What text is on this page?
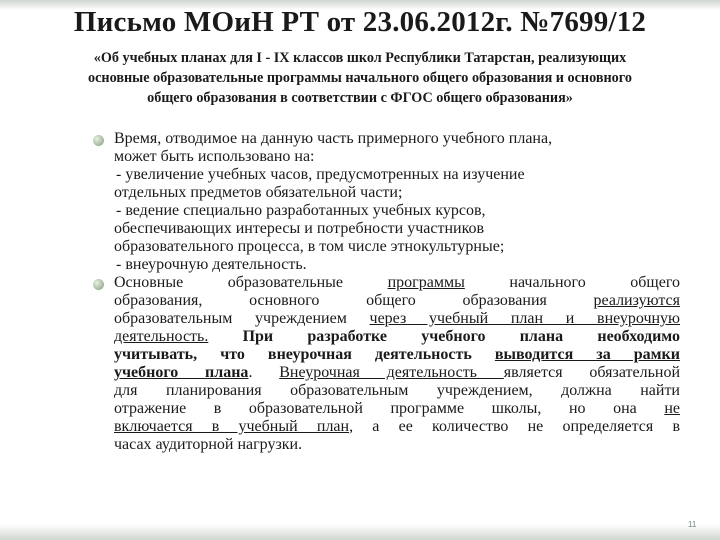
Письмо МОиН РТ от 23.06.2012г. №7699/12
«Об учебных планах для I - IX классов школ Республики Татарстан, реализующих
основные образовательные программы начального общего образования и основного
общего образования в соответствии с ФГОС общего образования»

Время, отводимое на данную часть примерного учебного плана,

может быть использовано на:

- увеличение учебных часов, предусмотренных на изучение

отдельных предметов обязательной части;

- ведение специально разработанных учебных курсов,

обеспечивающих интересы и потребности участников

образовательного процесса, в том числе этнокультурные;

- внеурочную деятельность.

Основные образовательные программы начального общего

образования, основного общего образования реализуются

образовательным учреждением через учебный план и внеурочную

деятельность. При разработке учебного плана необходимо

учитывать, что внеурочная деятельность выводится за рамки

учебного плана. Внеурочная деятельность является обязательной

для планирования образовательным учреждением, должна найти

отражение в образовательной программе школы, но она не

включается в учебный план, а ее количество не определяется в

часах аудиторной нагрузки.

11
